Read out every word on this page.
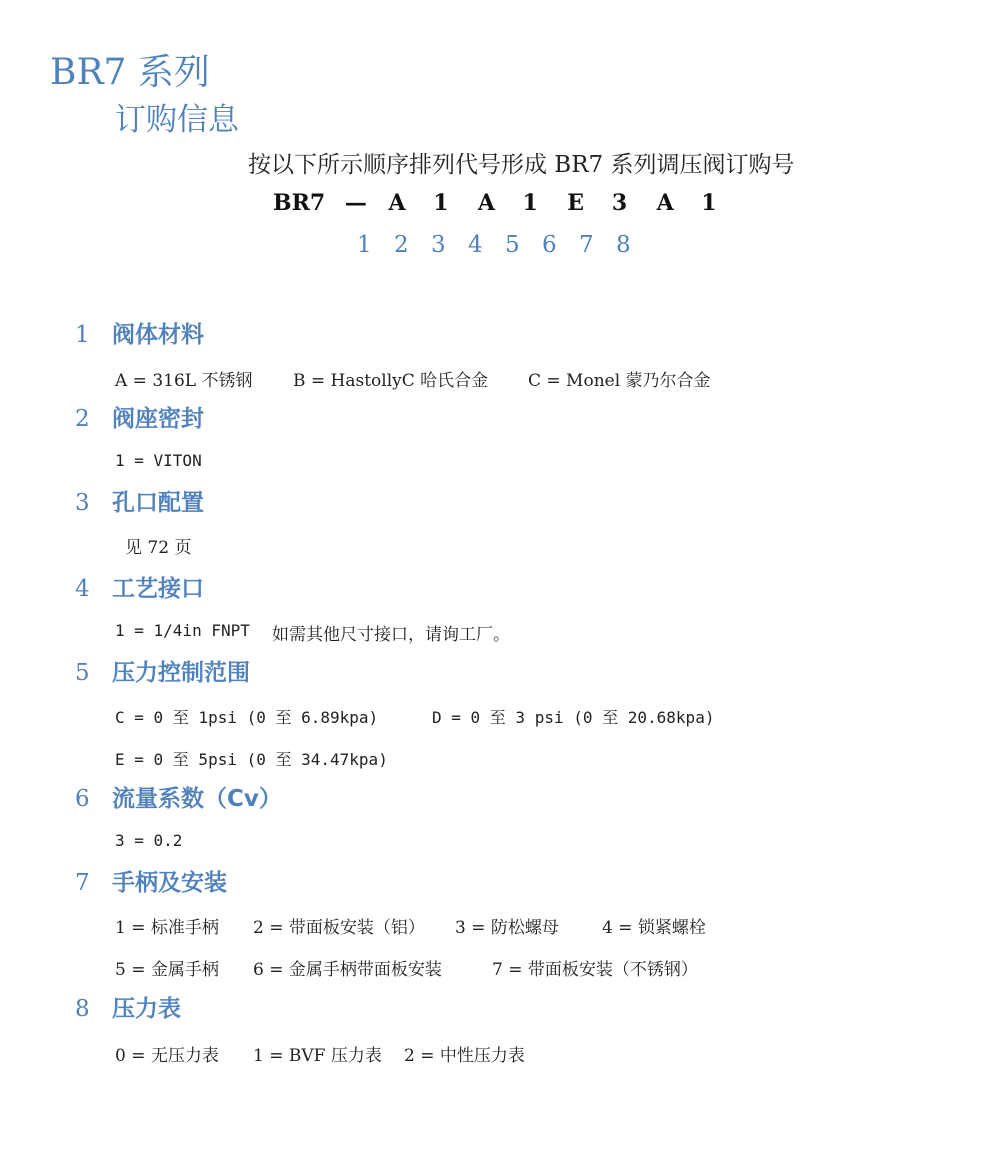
BR7 系列
订购信息
按以下所示顺序排列代号形成 BR7 系列调压阀订购号
BR7 — A 1 A 1 E 3 A 1
1 2 3 4 5 6 7 8
1 阀体材料
A = 316L 不锈钢 B = HastollyC 哈氏合金 C = Monel 蒙乃尔合金
2 阀座密封
1 = VITON
3 孔口配置
见 72 页
4 工艺接口
1 = 1/4in FNPT 如需其他尺寸接口，请询工厂。
5 压力控制范围
C = 0 至 1psi (0 至 6.89kpa)	D = 0 至 3 psi (0 至 20.68kpa)
E = 0 至 5psi (0 至 34.47kpa)
6 流量系数（Cv）
3 = 0.2
7 手柄及安装
1 = 标准手柄 2 = 带面板安装（铝） 3 = 防松螺母	4 = 锁紧螺栓
5 = 金属手柄 6 = 金属手柄带面板安装	7 = 带面板安装（不锈钢）
8 压力表
0 = 无压力表 1 = BVF 压力表 2 = 中性压力表
